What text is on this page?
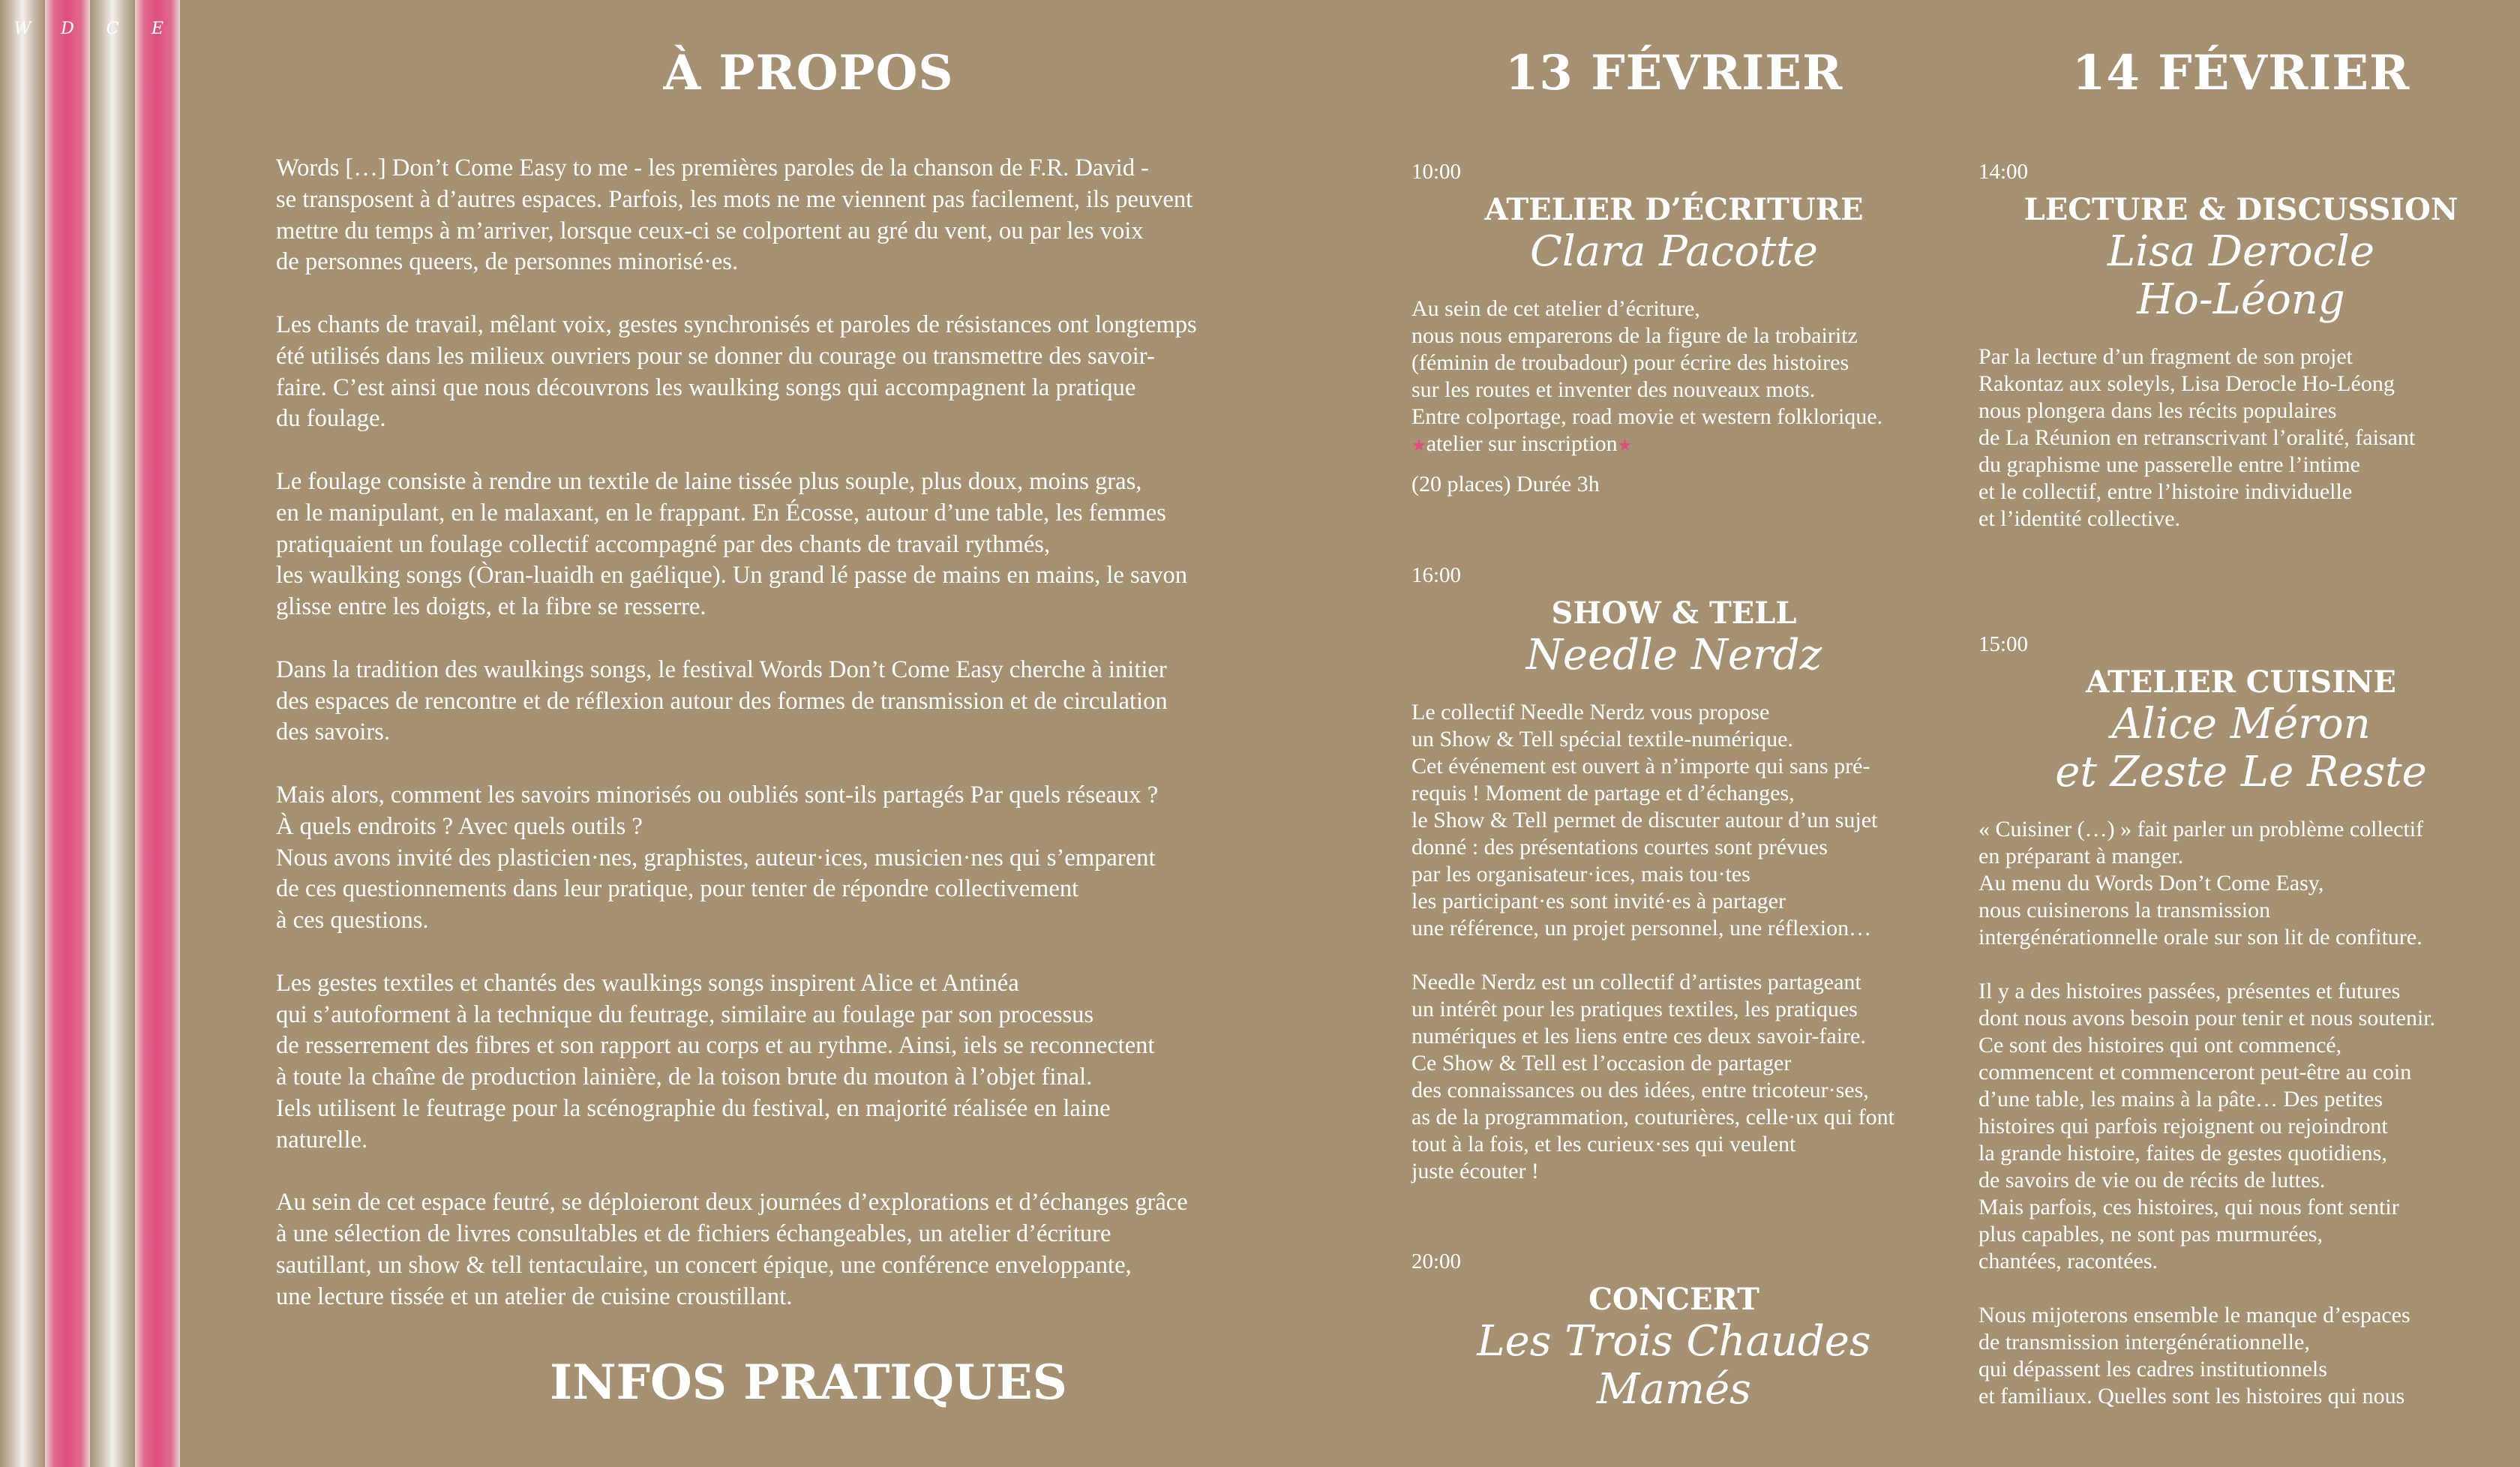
W	D	C	E
À PROPOS

Words […] Don’t Come Easy to me - les premières paroles de la chanson de F.R. David -
se transposent à d’autres espaces. Parfois, les mots ne me viennent pas facilement, ils peuvent
mettre du temps à m’arriver, lorsque ceux-ci se colportent au gré du vent, ou par les voix
de personnes queers, de personnes minorisé·es.

Les chants de travail, mêlant voix, gestes synchronisés et paroles de résistances ont longtemps
été utilisés dans les milieux ouvriers pour se donner du courage ou transmettre des savoir-
faire. C’est ainsi que nous découvrons les waulking songs qui accompagnent la pratique
du foulage.

Le foulage consiste à rendre un textile de laine tissée plus souple, plus doux, moins gras,
en le manipulant, en le malaxant, en le frappant. En Écosse, autour d’une table, les femmes
pratiquaient un foulage collectif accompagné par des chants de travail rythmés,
les waulking songs (Òran-luaidh en gaélique). Un grand lé passe de mains en mains, le savon
glisse entre les doigts, et la fibre se resserre.

Dans la tradition des waulkings songs, le festival Words Don’t Come Easy cherche à initier
des espaces de rencontre et de réflexion autour des formes de transmission et de circulation
des savoirs.

Mais alors, comment les savoirs minorisés ou oubliés sont-ils partagés Par quels réseaux ?
À quels endroits ? Avec quels outils ?
Nous avons invité des plasticien·nes, graphistes, auteur·ices, musicien·nes qui s’emparent
de ces questionnements dans leur pratique, pour tenter de répondre collectivement
à ces questions.

Les gestes textiles et chantés des waulkings songs inspirent Alice et Antinéa
qui s’autoforment à la technique du feutrage, similaire au foulage par son processus
de resserrement des fibres et son rapport au corps et au rythme. Ainsi, iels se reconnectent
à toute la chaîne de production lainière, de la toison brute du mouton à l’objet final.
Iels utilisent le feutrage pour la scénographie du festival, en majorité réalisée en laine
naturelle.

Au sein de cet espace feutré, se déploieront deux journées d’explorations et d’échanges grâce
à une sélection de livres consultables et de fichiers échangeables, un atelier d’écriture
sautillant, un show & tell tentaculaire, un concert épique, une conférence enveloppante,
une lecture tissée et un atelier de cuisine croustillant.

INFOS PRATIQUES
13 FÉVRIER

10:00

ATELIER D’ÉCRITURE

Clara Pacotte

Au sein de cet atelier d’écriture,
nous nous emparerons de la figure de la trobairitz
(féminin de troubadour) pour écrire des histoires
sur les routes et inventer des nouveaux mots.
Entre colportage, road movie et western folklorique.

★atelier sur inscription★

(20 places) Durée 3h

16:00

SHOW & TELL

Needle Nerdz

Le collectif Needle Nerdz vous propose
un Show & Tell spécial textile-numérique.
Cet événement est ouvert à n’importe qui sans pré-
requis ! Moment de partage et d’échanges,
le Show & Tell permet de discuter autour d’un sujet
donné : des présentations courtes sont prévues
par les organisateur·ices, mais tou·tes
les participant·es sont invité·es à partager
une référence, un projet personnel, une réflexion…

Needle Nerdz est un collectif d’artistes partageant
un intérêt pour les pratiques textiles, les pratiques
numériques et les liens entre ces deux savoir-faire.
Ce Show & Tell est l’occasion de partager
des connaissances ou des idées, entre tricoteur·ses,
as de la programmation, couturières, celle·ux qui font
tout à la fois, et les curieux·ses qui veulent
juste écouter !

20:00

CONCERT

Les Trois Chaudes

Mamés

14 FÉVRIER

14:00

LECTURE & DISCUSSION

Lisa Derocle

Ho-Léong

Par la lecture d’un fragment de son projet
Rakontaz aux soleyls, Lisa Derocle Ho-Léong
nous plongera dans les récits populaires
de La Réunion en retranscrivant l’oralité, faisant
du graphisme une passerelle entre l’intime
et le collectif, entre l’histoire individuelle
et l’identité collective.

15:00

ATELIER CUISINE

Alice Méron

et Zeste Le Reste

« Cuisiner (…) » fait parler un problème collectif
en préparant à manger.
Au menu du Words Don’t Come Easy,
nous cuisinerons la transmission
intergénérationnelle orale sur son lit de confiture.

Il y a des histoires passées, présentes et futures
dont nous avons besoin pour tenir et nous soutenir.
Ce sont des histoires qui ont commencé,
commencent et commenceront peut-être au coin
d’une table, les mains à la pâte… Des petites
histoires qui parfois rejoignent ou rejoindront
la grande histoire, faites de gestes quotidiens,
de savoirs de vie ou de récits de luttes.
Mais parfois, ces histoires, qui nous font sentir
plus capables, ne sont pas murmurées,
chantées, racontées.

Nous mijoterons ensemble le manque d’espaces
de transmission intergénérationnelle,
qui dépassent les cadres institutionnels
et familiaux. Quelles sont les histoires qui nous
